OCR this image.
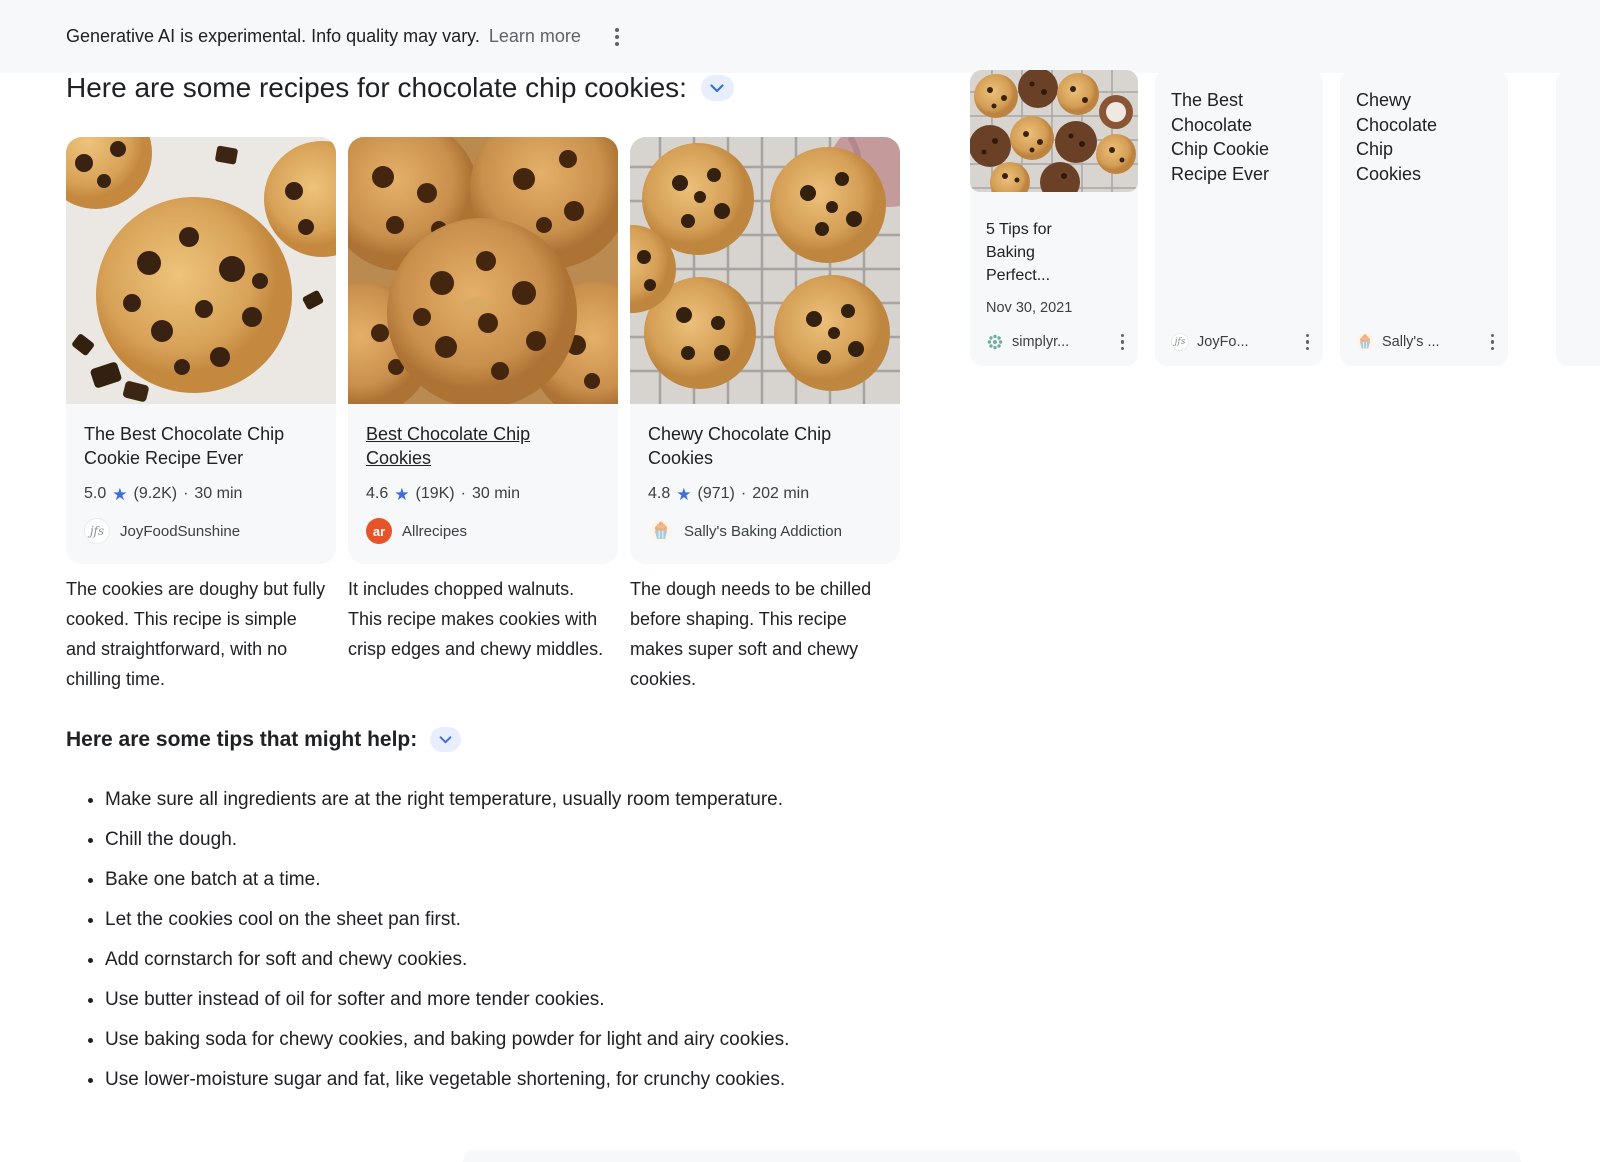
Generative AI is experimental. Info quality may vary. Learn more
Here are some recipes for chocolate chip cookies:
The Best Chocolate Chip Cookie Recipe Ever
5.0 ★ (9.2K) · 30 min
jfs	JoyFoodSunshine
Best Chocolate Chip Cookies
4.6 ★ (19K) · 30 min
ar	Allrecipes
Chewy Chocolate Chip Cookies
4.8 ★ (971) · 202 min
Sally's Baking Addiction

The cookies are doughy but fully cooked. This recipe is simple and straightforward, with no chilling time.

It includes chopped walnuts. This recipe makes cookies with crisp edges and chewy middles.

The dough needs to be chilled before shaping. This recipe makes super soft and chewy cookies.

Here are some tips that might help:
• Make sure all ingredients are at the right temperature, usually room temperature.
• Chill the dough.
• Bake one batch at a time.
• Let the cookies cool on the sheet pan first.
• Add cornstarch for soft and chewy cookies.
• Use butter instead of oil for softer and more tender cookies.
• Use baking soda for chewy cookies, and baking powder for light and airy cookies.
• Use lower-moisture sugar and fat, like vegetable shortening, for crunchy cookies.
5 Tips for Baking Perfect...
Nov 30, 2021
simplyr...
The Best Chocolate Chip Cookie Recipe Ever
jfs JoyFo...
Chewy Chocolate Chip Cookies
Sally's ...
